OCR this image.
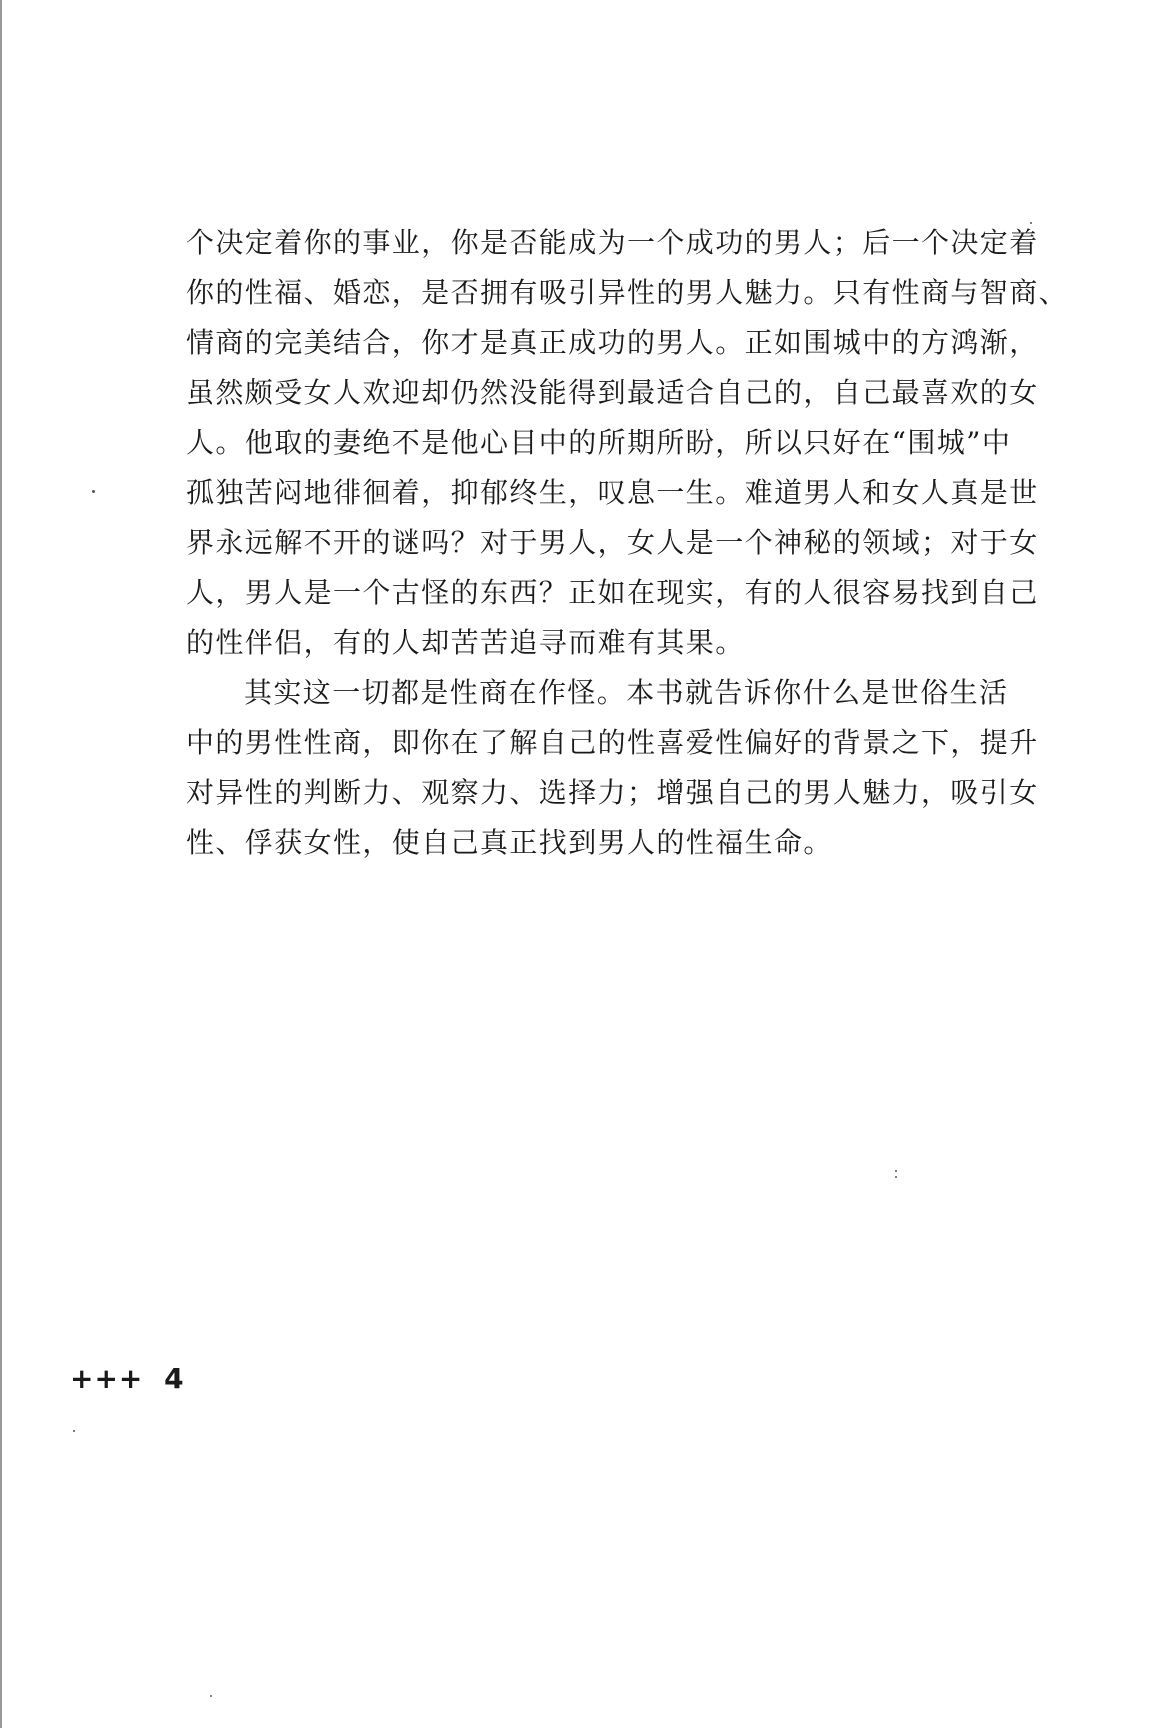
个决定着你的事业，你是否能成为一个成功的男人；后一个决定着
你的性福、婚恋，是否拥有吸引异性的男人魅力。只有性商与智商、
情商的完美结合，你才是真正成功的男人。正如围城中的方鸿渐，
虽然颇受女人欢迎却仍然没能得到最适合自己的，自己最喜欢的女
人。他取的妻绝不是他心目中的所期所盼，所以只好在“围城”中
孤独苦闷地徘徊着，抑郁终生，叹息一生。难道男人和女人真是世
界永远解不开的谜吗？对于男人，女人是一个神秘的领域；对于女
人，男人是一个古怪的东西？正如在现实，有的人很容易找到自己
的性伴侣，有的人却苦苦追寻而难有其果。

其实这一切都是性商在作怪。本书就告诉你什么是世俗生活
中的男性性商，即你在了解自己的性喜爱性偏好的背景之下，提升
对异性的判断力、观察力、选择力；增强自己的男人魅力，吸引女
性、俘获女性，使自己真正找到男人的性福生命。

+++ 4
